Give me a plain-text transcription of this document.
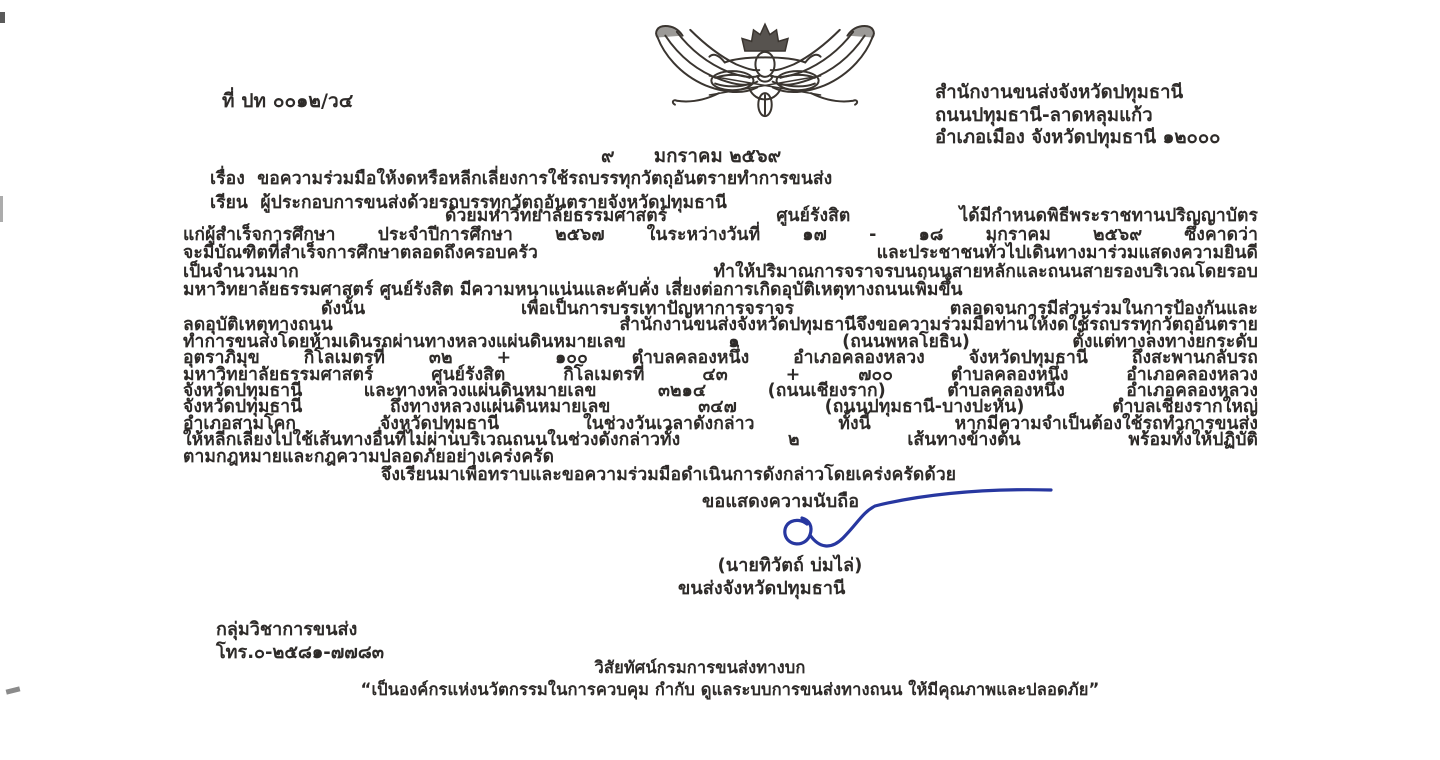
ที่ ปท ๐๐๑๒/ว๔	สำนักงานขนส่งจังหวัดปทุมธานี
ถนนปทุมธานี-ลาดหลุมแก้ว
อำเภอเมือง จังหวัดปทุมธานี ๑๒๐๐๐
๙      มกราคม ๒๕๖๙
เรื่อง  ขอความร่วมมือให้งดหรือหลีกเลี่ยงการใช้รถบรรทุกวัตถุอันตรายทำการขนส่ง
เรียน  ผู้ประกอบการขนส่งด้วยรถบรรทุกวัตถุอันตรายจังหวัดปทุมธานี
ด้วยมหาวิทยาลัยธรรมศาสตร์ ศูนย์รังสิต ได้มีกำหนดพิธีพระราชทานปริญญาบัตร
แก่ผู้สำเร็จการศึกษา ประจำปีการศึกษา ๒๕๖๗ ในระหว่างวันที่ ๑๗ - ๑๘ มกราคม ๒๕๖๙ ซึ่งคาดว่า
จะมีบัณฑิตที่สำเร็จการศึกษาตลอดถึงครอบครัว และประชาชนทั่วไปเดินทางมาร่วมแสดงความยินดี
เป็นจำนวนมาก ทำให้ปริมาณการจราจรบนถนนสายหลักและถนนสายรองบริเวณโดยรอบ
มหาวิทยาลัยธรรมศาสตร์ ศูนย์รังสิต มีความหนาแน่นและคับคั่ง เสี่ยงต่อการเกิดอุบัติเหตุทางถนนเพิ่มขึ้น
ดังนั้น เพื่อเป็นการบรรเทาปัญหาการจราจร ตลอดจนการมีส่วนร่วมในการป้องกันและ
ลดอุบัติเหตุทางถนน สำนักงานขนส่งจังหวัดปทุมธานีจึงขอความร่วมมือท่านให้งดใช้รถบรรทุกวัตถุอันตราย
ทำการขนส่งโดยห้ามเดินรถผ่านทางหลวงแผ่นดินหมายเลข ๑ (ถนนพหลโยธิน) ตั้งแต่ทางลงทางยกระดับ
อุตราภิมุข กิโลเมตรที่ ๓๒ + ๑๐๐ ตำบลคลองหนึ่ง อำเภอคลองหลวง จังหวัดปทุมธานี ถึงสะพานกลับรถ
มหาวิทยาลัยธรรมศาสตร์ ศูนย์รังสิต กิโลเมตรที่ ๔๓ + ๗๐๐ ตำบลคลองหนึ่ง อำเภอคลองหลวง
จังหวัดปทุมธานี และทางหลวงแผ่นดินหมายเลข ๓๒๑๔ (ถนนเชียงราก) ตำบลคลองหนึ่ง อำเภอคลองหลวง
จังหวัดปทุมธานี ถึงทางหลวงแผ่นดินหมายเลข ๓๔๗ (ถนนปทุมธานี-บางปะหัน) ตำบลเชียงรากใหญ่
อำเภอสามโคก จังหวัดปทุมธานี ในช่วงวันเวลาดังกล่าว ทั้งนี้ หากมีความจำเป็นต้องใช้รถทำการขนส่ง
ให้หลีกเลี่ยงไปใช้เส้นทางอื่นที่ไม่ผ่านบริเวณถนนในช่วงดังกล่าวทั้ง ๒ เส้นทางข้างต้น พร้อมทั้งให้ปฏิบัติ
ตามกฎหมายและกฎความปลอดภัยอย่างเคร่งครัด
จึงเรียนมาเพื่อทราบและขอความร่วมมือดำเนินการดังกล่าวโดยเคร่งครัดด้วย
ขอแสดงความนับถือ
(นายทิวัตถ์ บ่มไล่)
ขนส่งจังหวัดปทุมธานี
กลุ่มวิชาการขนส่ง
โทร.๐-๒๕๘๑-๗๗๘๓
วิสัยทัศน์กรมการขนส่งทางบก
“เป็นองค์กรแห่งนวัตกรรมในการควบคุม กำกับ ดูแลระบบการขนส่งทางถนน ให้มีคุณภาพและปลอดภัย”
